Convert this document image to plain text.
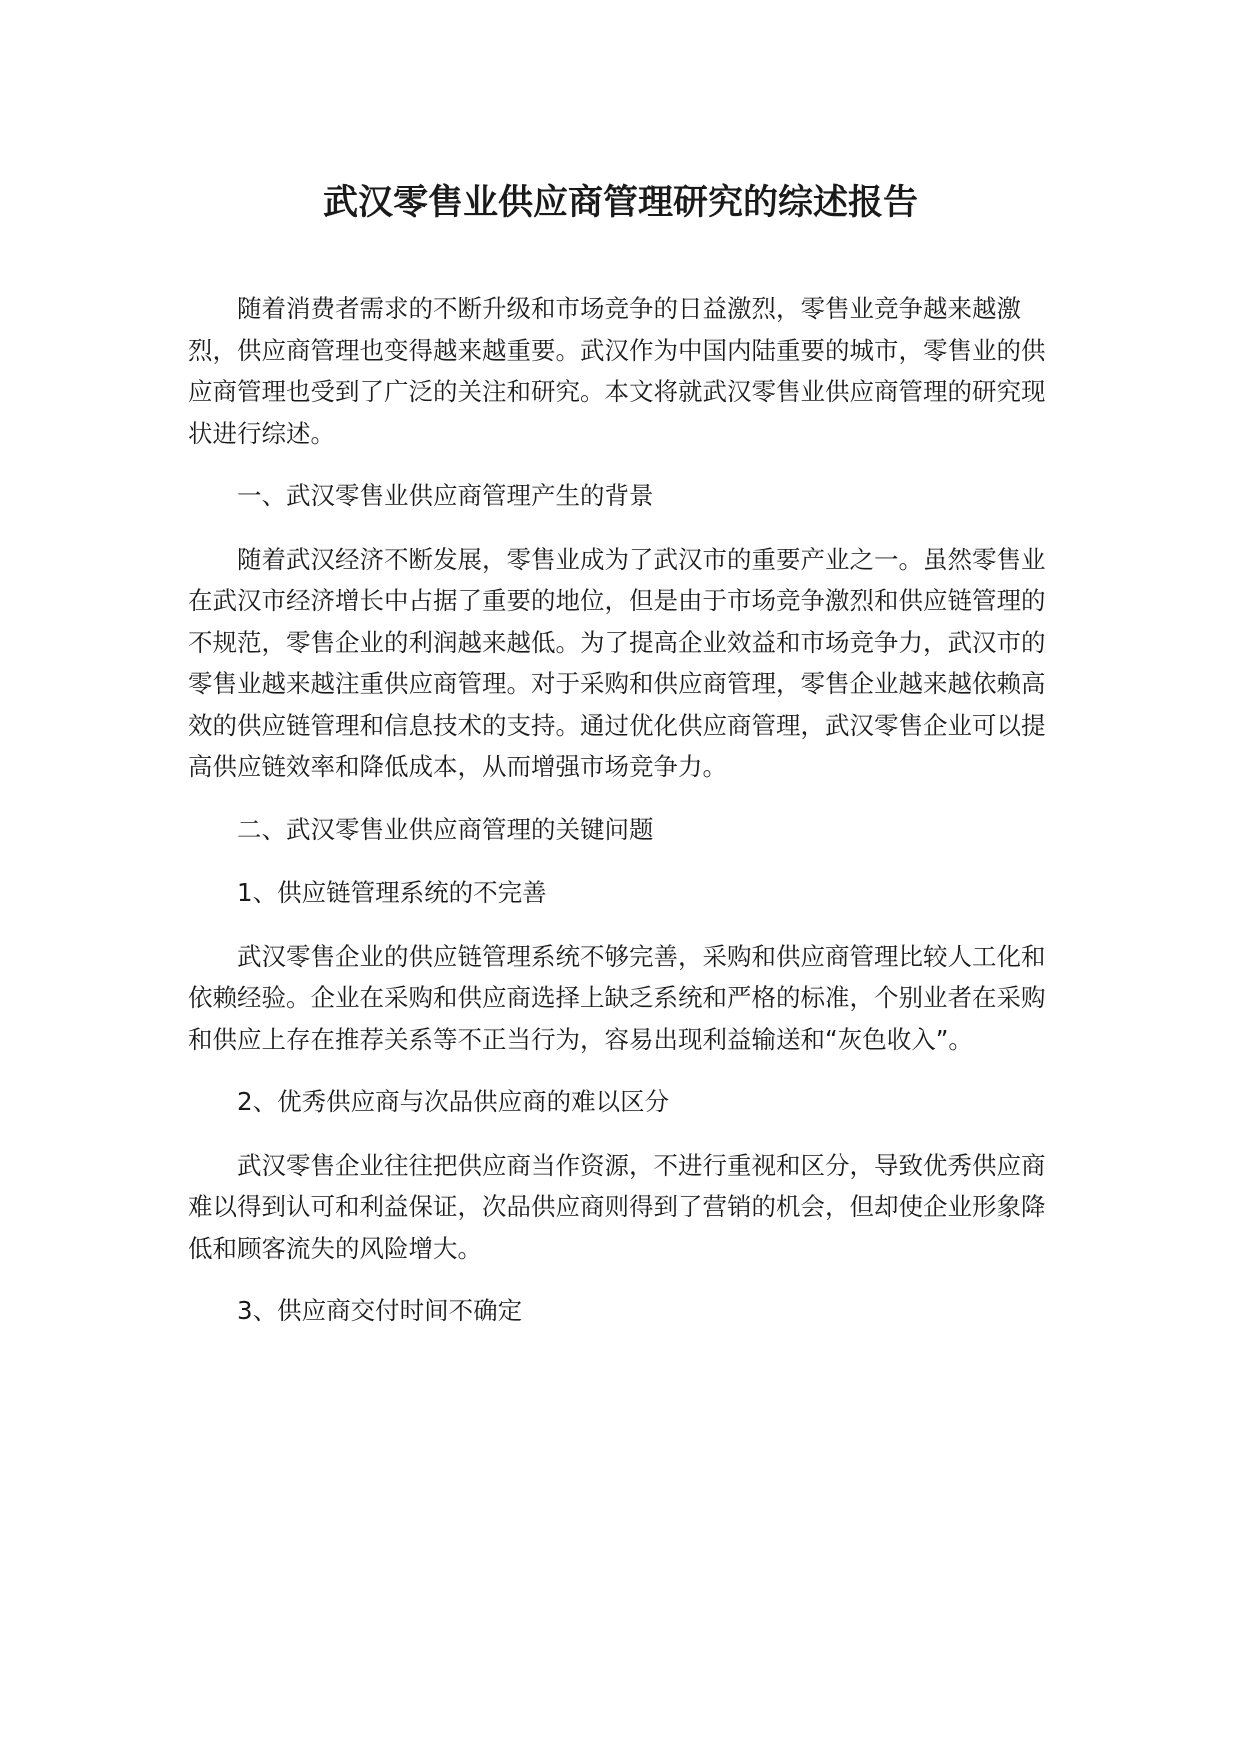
武汉零售业供应商管理研究的综述报告

随着消费者需求的不断升级和市场竞争的日益激烈，零售业竞争越来越激烈，供应商管理也变得越来越重要。武汉作为中国内陆重要的城市，零售业的供应商管理也受到了广泛的关注和研究。本文将就武汉零售业供应商管理的研究现状进行综述。

一、武汉零售业供应商管理产生的背景

随着武汉经济不断发展，零售业成为了武汉市的重要产业之一。虽然零售业在武汉市经济增长中占据了重要的地位，但是由于市场竞争激烈和供应链管理的不规范，零售企业的利润越来越低。为了提高企业效益和市场竞争力，武汉市的零售业越来越注重供应商管理。对于采购和供应商管理，零售企业越来越依赖高效的供应链管理和信息技术的支持。通过优化供应商管理，武汉零售企业可以提高供应链效率和降低成本，从而增强市场竞争力。

二、武汉零售业供应商管理的关键问题

1、供应链管理系统的不完善

武汉零售企业的供应链管理系统不够完善，采购和供应商管理比较人工化和依赖经验。企业在采购和供应商选择上缺乏系统和严格的标准，个别业者在采购和供应上存在推荐关系等不正当行为，容易出现利益输送和“灰色收入”。

2、优秀供应商与次品供应商的难以区分

武汉零售企业往往把供应商当作资源，不进行重视和区分，导致优秀供应商难以得到认可和利益保证，次品供应商则得到了营销的机会，但却使企业形象降低和顾客流失的风险增大。

3、供应商交付时间不确定
